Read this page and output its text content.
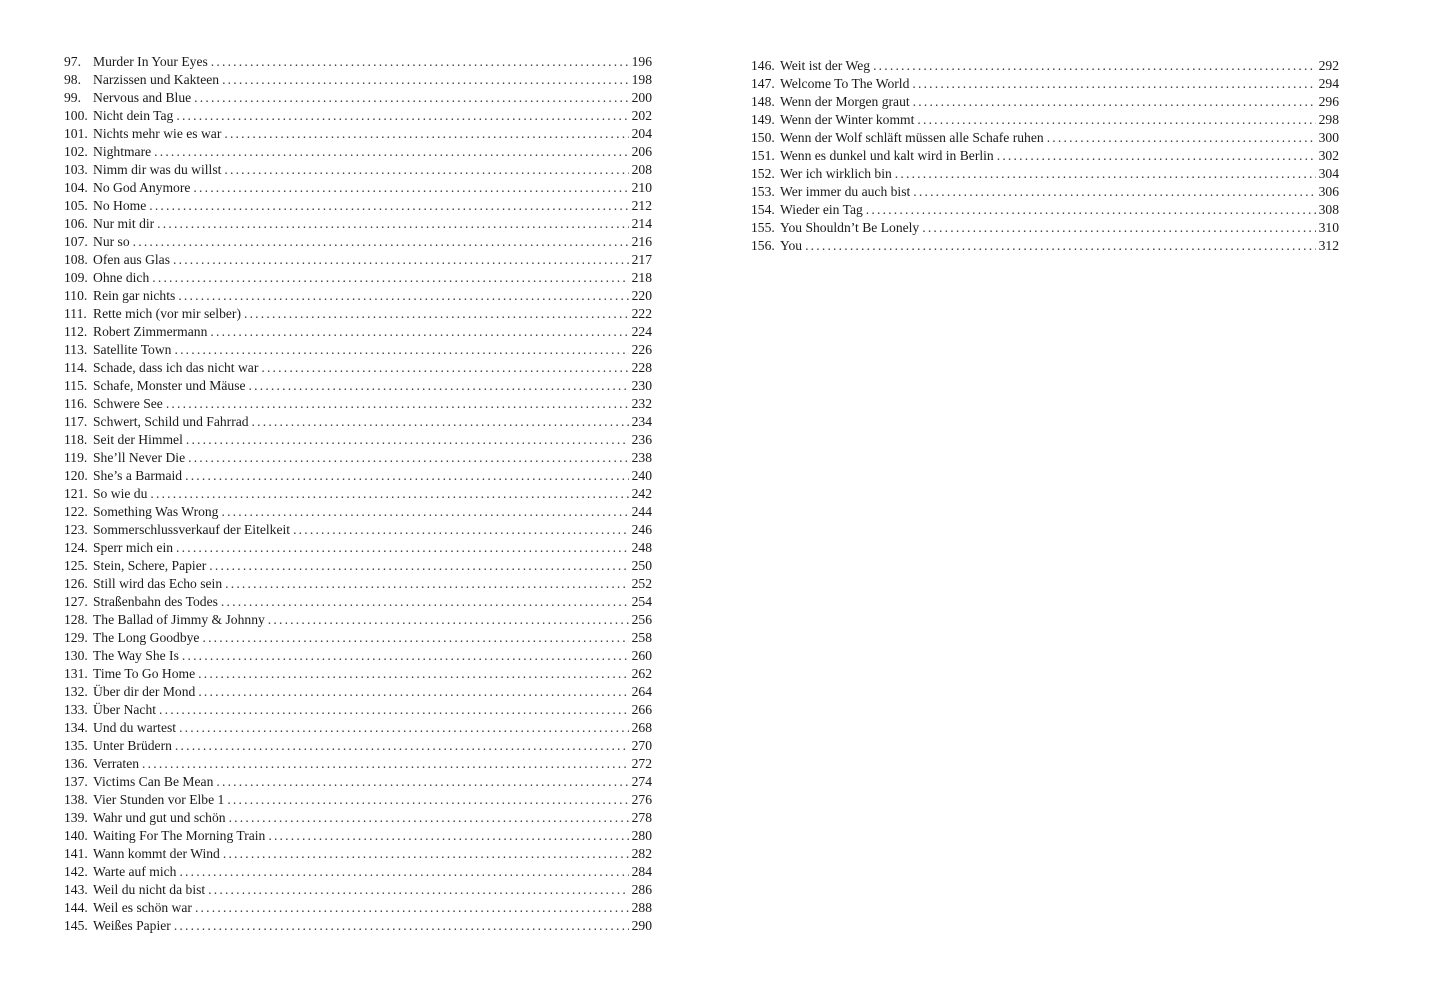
97. Murder In Your Eyes . . .	196
98. Narzissen und Kakteen . . .	198
99. Nervous and Blue . . .	200
100. Nicht dein Tag . . .	202
101. Nichts mehr wie es war . . .	204
102. Nightmare . . .	206
103. Nimm dir was du willst . . .	208
104. No God Anymore . . .	210
105. No Home . . .	212
106. Nur mit dir . . .	214
107. Nur so . . .	216
108. Ofen aus Glas . . .	217
109. Ohne dich . . .	218
110. Rein gar nichts . . .	220
111. Rette mich (vor mir selber) . . .	222
112. Robert Zimmermann . . .	224
113. Satellite Town . . .	226
114. Schade, dass ich das nicht war . . .	228
115. Schafe, Monster und Mäuse . . .	230
116. Schwere See . . .	232
117. Schwert, Schild und Fahrrad . . .	234
118. Seit der Himmel . . .	236
119. She’ll Never Die . . .	238
120. She’s a Barmaid . . .	240
121. So wie du . . .	242
122. Something Was Wrong . . .	244
123. Sommerschlussverkauf der Eitelkeit . . .	246
124. Sperr mich ein . . .	248
125. Stein, Schere, Papier . . .	250
126. Still wird das Echo sein . . .	252
127. Straßenbahn des Todes . . .	254
128. The Ballad of Jimmy & Johnny . . .	256
129. The Long Goodbye . . .	258
130. The Way She Is . . .	260
131. Time To Go Home . . .	262
132. Über dir der Mond . . .	264
133. Über Nacht . . .	266
134. Und du wartest . . .	268
135. Unter Brüdern . . .	270
136. Verraten . . .	272
137. Victims Can Be Mean . . .	274
138. Vier Stunden vor Elbe 1 . . .	276
139. Wahr und gut und schön . . .	278
140. Waiting For The Morning Train . . .	280
141. Wann kommt der Wind . . .	282
142. Warte auf mich . . .	284
143. Weil du nicht da bist . . .	286
144. Weil es schön war . . .	288
145. Weißes Papier . . .	290
146. Weit ist der Weg . . .	292
147. Welcome To The World . . .	294
148. Wenn der Morgen graut . . .	296
149. Wenn der Winter kommt . . .	298
150. Wenn der Wolf schläft müssen alle Schafe ruhen . . .	300
151. Wenn es dunkel und kalt wird in Berlin . . .	302
152. Wer ich wirklich bin . . .	304
153. Wer immer du auch bist . . .	306
154. Wieder ein Tag . . .	308
155. You Shouldn’t Be Lonely . . .	310
156. You . . .	312
